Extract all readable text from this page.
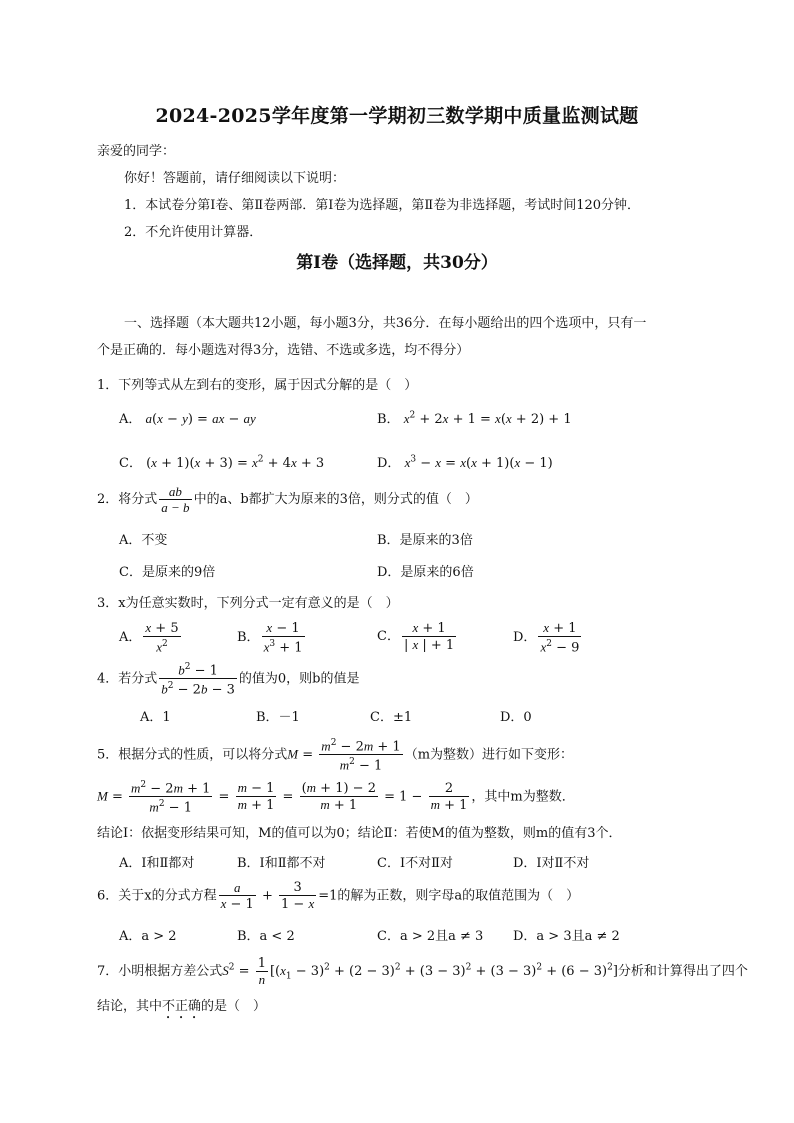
2024-2025学年度第一学期初三数学期中质量监测试题
亲爱的同学：
你好！答题前，请仔细阅读以下说明：
1．本试卷分第Ⅰ卷、第Ⅱ卷两部．第Ⅰ卷为选择题，第Ⅱ卷为非选择题，考试时间120分钟．
2．不允许使用计算器．
第Ⅰ卷（选择题，共30分）
一、选择题（本大题共12小题，每小题3分，共36分．在每小题给出的四个选项中，只有一
个是正确的．每小题选对得3分，选错、不选或多选，均不得分）
1．下列等式从左到右的变形，属于因式分解的是（　）
A． a(x − y) = ax − ay	B． $x^2 + 2x + 1 = x(x + 2) + 1$
C． $(x + 1)(x + 3) = x^2 + 4x + 3$	D． $x^3 - x = x(x + 1)(x - 1)$
2．将分式 $\frac{ab}{a - b}$ 中的a、b都扩大为原来的3倍，则分式的值（　）
A．不变	B．是原来的3倍
C．是原来的9倍	D．是原来的6倍
3．x为任意实数时，下列分式一定有意义的是（　）
A． $\frac{x + 5}{x^2}$	B． $\frac{x - 1}{x^3 + 1}$	C． $\frac{x + 1}{| x | + 1}$	D． $\frac{x + 1}{x^2 - 9}$
4．若分式 $\frac{b^2 - 1}{b^2 - 2b - 3}$ 的值为0，则b的值是
A．1	B．－1	C．±1	D．0
5．根据分式的性质，可以将分式$M = \frac{m^2 - 2m + 1}{m^2 - 1} (m$为整数）进行如下变形：
$M = \frac{m^2 - 2m + 1}{m^2 - 1} = \frac{m - 1}{m + 1} = \frac{(m + 1) - 2}{m + 1} = 1 - \frac{2}{m + 1}$ ，其中m为整数．
结论Ⅰ：依据变形结果可知，M的值可以为0；结论Ⅱ：若使M的值为整数，则m的值有3个．
A．Ⅰ和Ⅱ都对	B．Ⅰ和Ⅱ都不对	C．Ⅰ不对Ⅱ对	D．Ⅰ对Ⅱ不对
6．关于x的分式方程 $\frac{a}{x - 1} + \frac{3}{1 - x} =1$的解为正数，则字母a的取值范围为（　）
A．a > 2	B．a < 2	C．a > 2且a ≠ 3 D．a > 3且a ≠ 2
7．小明根据方差公式$S^2 = \frac{1}{n} [(x_1 - 3)^2 + (2 - 3)^2 + (3 - 3)^2 + (3 - 3)^2 + (6 - 3)^2]$分析和计算得出了四个
结论，其中不正确的是（　）
